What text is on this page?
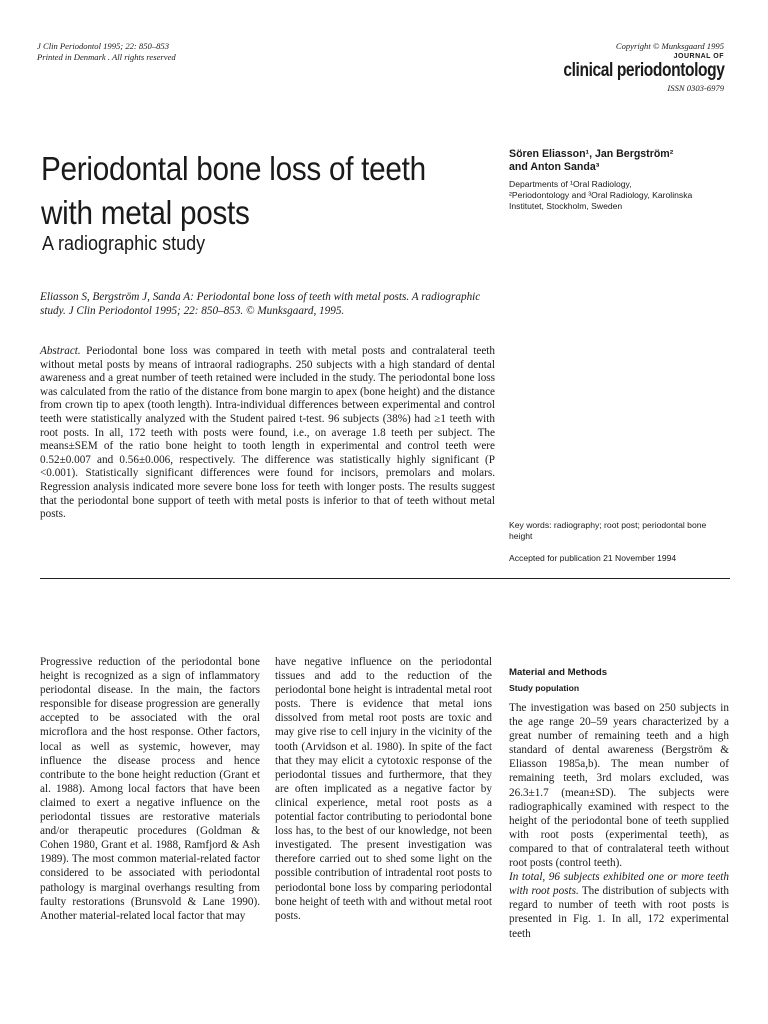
J Clin Periodontol 1995; 22: 850–853
Printed in Denmark . All rights reserved
Copyright © Munksgaard 1995
JOURNAL OF
clinical periodontology
ISSN 0303-6979
Periodontal bone loss of teeth
with metal posts
A radiographic study
Sören Eliasson¹, Jan Bergström²
and Anton Sanda³
Departments of ¹Oral Radiology,
²Periodontology and ³Oral Radiology, Karolinska
Institutet, Stockholm, Sweden
Eliasson S, Bergström J, Sanda A: Periodontal bone loss of teeth with metal posts. A radiographic study. J Clin Periodontol 1995; 22: 850–853. © Munksgaard, 1995.
Abstract. Periodontal bone loss was compared in teeth with metal posts and contralateral teeth without metal posts by means of intraoral radiographs. 250 subjects with a high standard of dental awareness and a great number of teeth retained were included in the study. The periodontal bone loss was calculated from the ratio of the distance from bone margin to apex (bone height) and the distance from crown tip to apex (tooth length). Intra-individual differences between experimental and control teeth were statistically analyzed with the Student paired t-test. 96 subjects (38%) had ≥1 teeth with root posts. In all, 172 teeth with posts were found, i.e., on average 1.8 teeth per subject. The means±SEM of the ratio bone height to tooth length in experimental and control teeth were 0.52±0.007 and 0.56±0.006, respectively. The difference was statistically highly significant (P <0.001). Statistically significant differences were found for incisors, premolars and molars. Regression analysis indicated more severe bone loss for teeth with longer posts. The results suggest that the periodontal bone support of teeth with metal posts is inferior to that of teeth without metal posts.
Key words: radiography; root post; periodontal bone height
Accepted for publication 21 November 1994
Progressive reduction of the periodontal bone height is recognized as a sign of inflammatory periodontal disease. In the main, the factors responsible for disease progression are generally accepted to be associated with the oral microflora and the host response. Other factors, local as well as systemic, however, may influence the disease process and hence contribute to the bone height reduction (Grant et al. 1988). Among local factors that have been claimed to exert a negative influence on the periodontal tissues are restorative materials and/or therapeutic procedures (Goldman & Cohen 1980, Grant et al. 1988, Ramfjord & Ash 1989). The most common material-related factor considered to be associated with periodontal pathology is marginal overhangs resulting from faulty restorations (Brunsvold & Lane 1990). Another material-related local factor that may
have negative influence on the periodontal tissues and add to the reduction of the periodontal bone height is intradental metal root posts. There is evidence that metal ions dissolved from metal root posts are toxic and may give rise to cell injury in the vicinity of the tooth (Arvidson et al. 1980). In spite of the fact that they may elicit a cytotoxic response of the periodontal tissues and furthermore, that they are often implicated as a negative factor by clinical experience, metal root posts as a potential factor contributing to periodontal bone loss has, to the best of our knowledge, not been investigated. The present investigation was therefore carried out to shed some light on the possible contribution of intradental root posts to periodontal bone loss by comparing periodontal bone height of teeth with and without metal root posts.
Material and Methods
Study population
The investigation was based on 250 subjects in the age range 20–59 years characterized by a great number of remaining teeth and a high standard of dental awareness (Bergström & Eliasson 1985a,b). The mean number of remaining teeth, 3rd molars excluded, was 26.3±1.7 (mean±SD). The subjects were radiographically examined with respect to the height of the periodontal bone of teeth supplied with root posts (experimental teeth), as compared to that of contralateral teeth without root posts (control teeth).
In total, 96 subjects exhibited one or more teeth with root posts. The distribution of subjects with regard to number of teeth with root posts is presented in Fig. 1. In all, 172 experimental teeth
